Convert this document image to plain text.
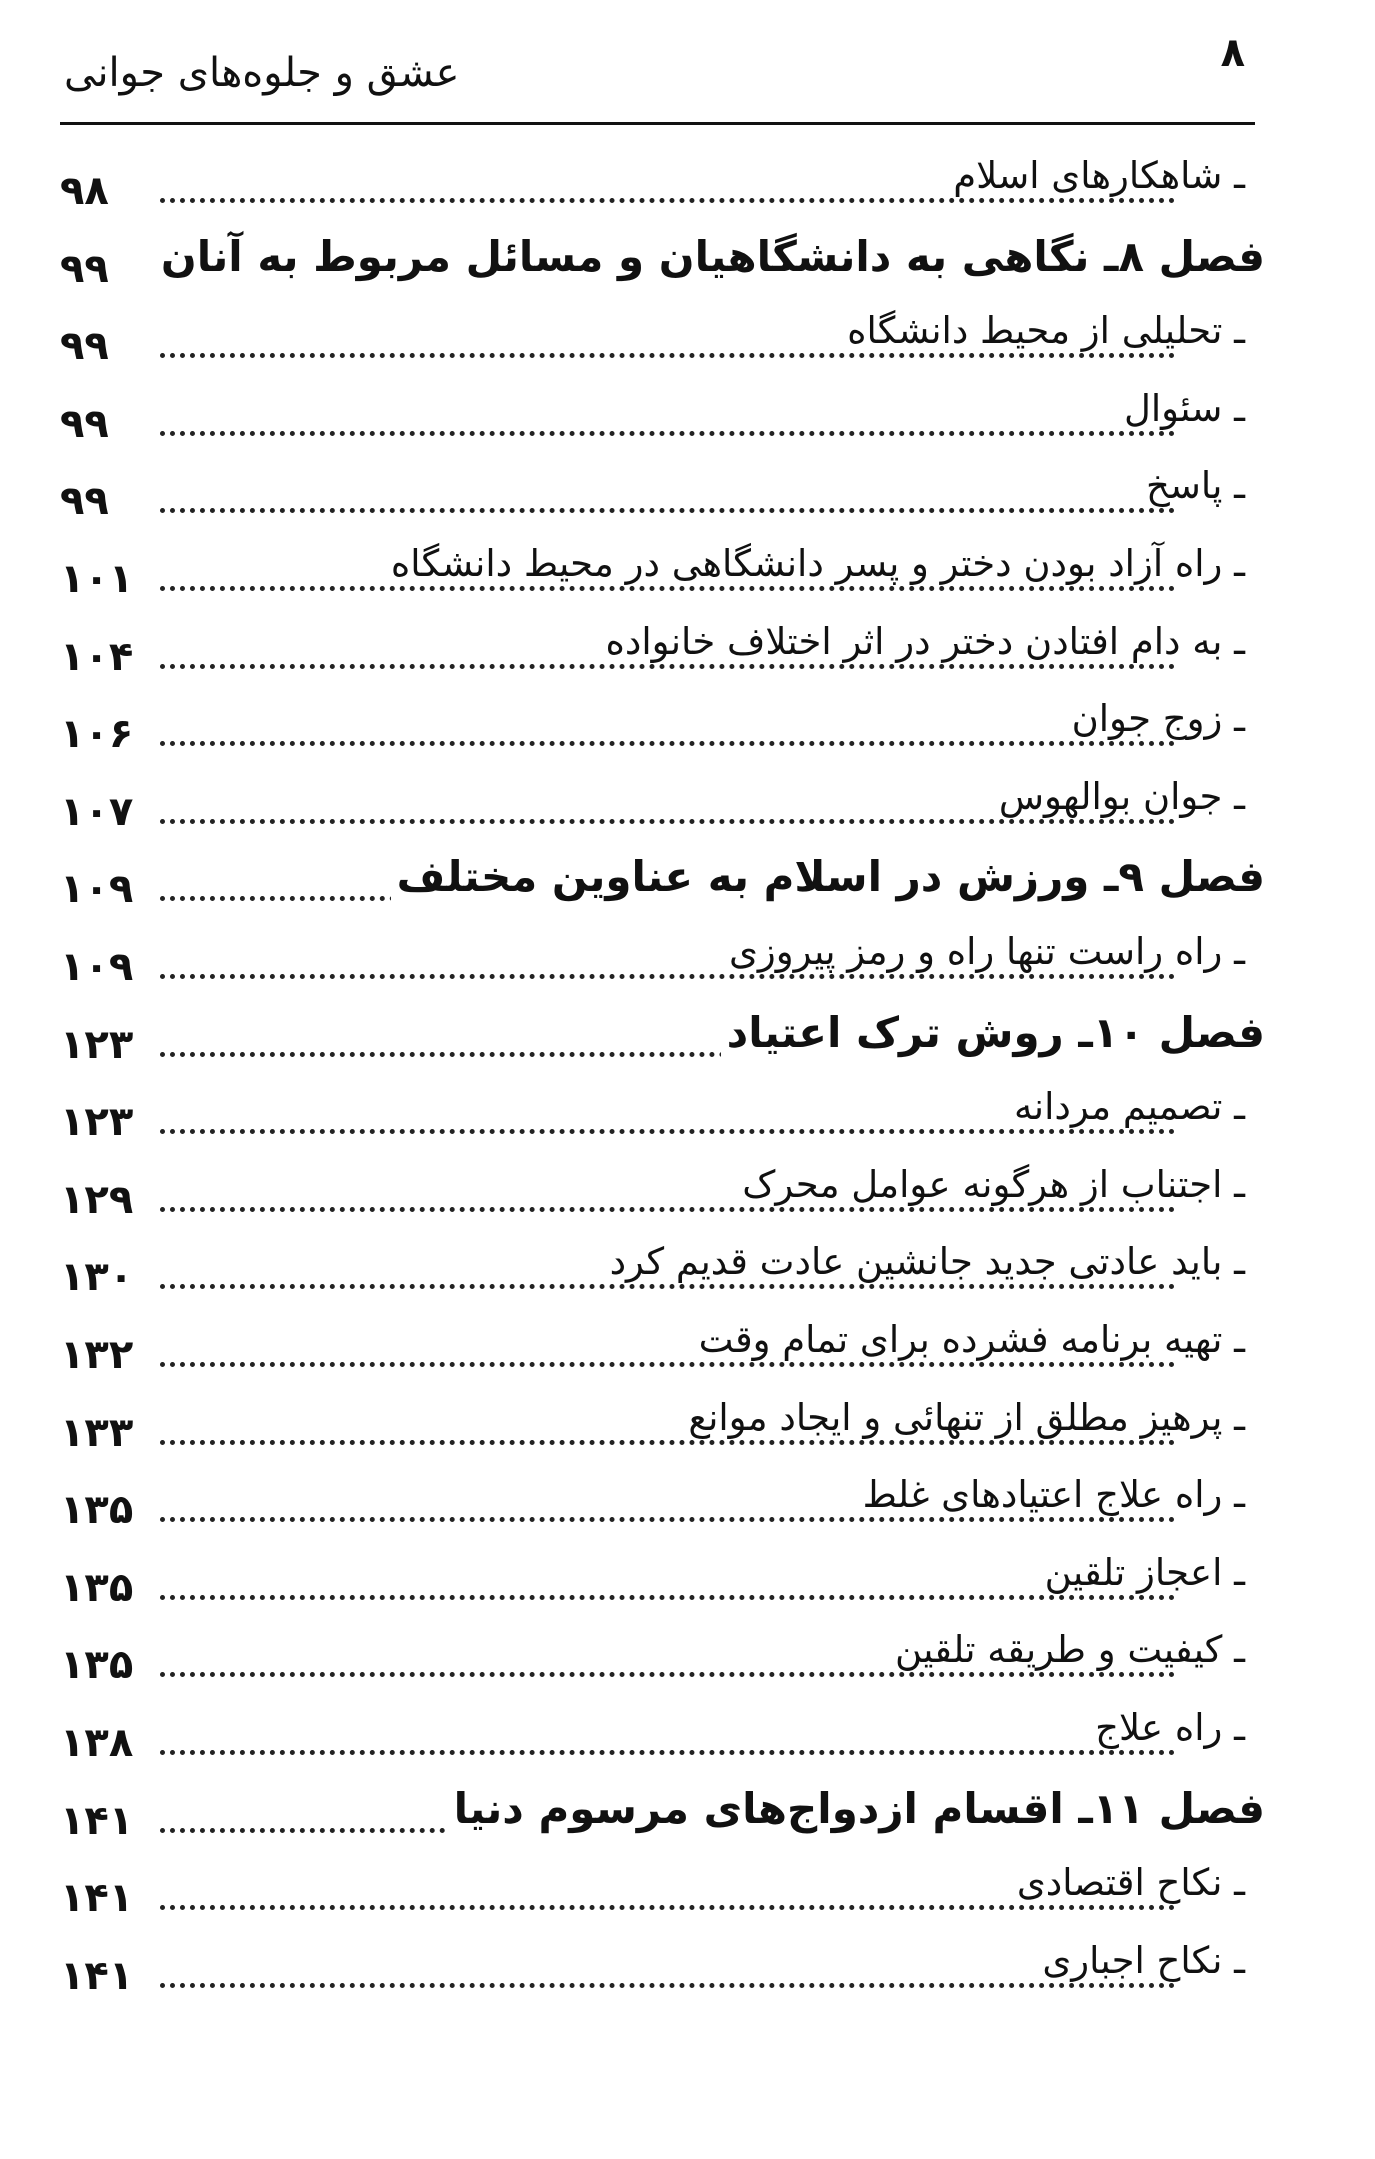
۸
عشق و جلوه‌های جوانی
ـ شاهکارهای اسلام
۹۸
فصل ۸ـ نگاهی به دانشگاهیان و مسائل مربوط به آنان
۹۹
ـ تحلیلی از محیط دانشگاه
۹۹
ـ سئوال
۹۹
ـ پاسخ
۹۹
ـ راه آزاد بودن دختر و پسر دانشگاهی در محیط دانشگاه
۱۰۱
ـ به دام افتادن دختر در اثر اختلاف خانواده
۱۰۴
ـ زوج جوان
۱۰۶
ـ جوان بوالهوس
۱۰۷
فصل ۹ـ ورزش در اسلام به عناوین مختلف
۱۰۹
ـ راه راست تنها راه و رمز پیروزی
۱۰۹
فصل ۱۰ـ روش ترک اعتیاد
۱۲۳
ـ تصمیم مردانه
۱۲۳
ـ اجتناب از هرگونه عوامل محرک
۱۲۹
ـ باید عادتی جدید جانشین عادت قدیم کرد
۱۳۰
ـ تهیه برنامه فشرده برای تمام وقت
۱۳۲
ـ پرهیز مطلق از تنهائی و ایجاد موانع
۱۳۳
ـ راه علاج اعتیادهای غلط
۱۳۵
ـ اعجاز تلقین
۱۳۵
ـ کیفیت و طریقه تلقین
۱۳۵
ـ راه علاج
۱۳۸
فصل ۱۱ـ اقسام ازدواج‌های مرسوم دنیا
۱۴۱
ـ نکاح اقتصادی
۱۴۱
ـ نکاح اجباری
۱۴۱
